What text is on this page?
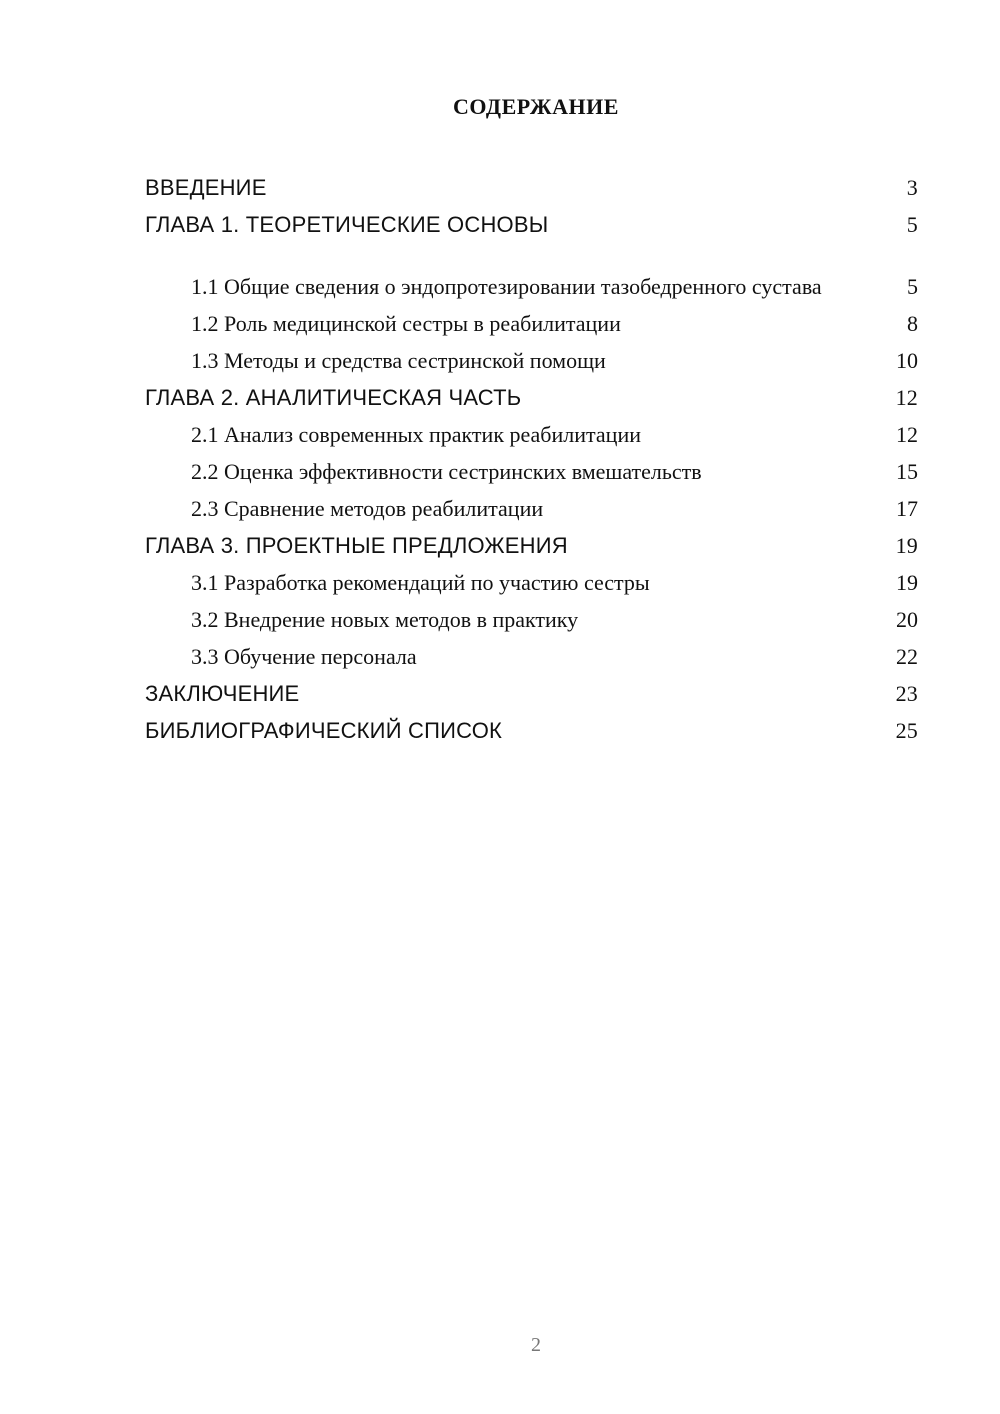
СОДЕРЖАНИЕ
ВВЕДЕНИЕ	3
ГЛАВА 1. ТЕОРЕТИЧЕСКИЕ ОСНОВЫ	5
1.1 Общие сведения о эндопротезировании тазобедренного сустава	5
1.2 Роль медицинской сестры в реабилитации	8
1.3 Методы и средства сестринской помощи	10
ГЛАВА 2. АНАЛИТИЧЕСКАЯ ЧАСТЬ	12
2.1 Анализ современных практик реабилитации	12
2.2 Оценка эффективности сестринских вмешательств	15
2.3 Сравнение методов реабилитации	17
ГЛАВА 3. ПРОЕКТНЫЕ ПРЕДЛОЖЕНИЯ	19
3.1 Разработка рекомендаций по участию сестры	19
3.2 Внедрение новых методов в практику	20
3.3 Обучение персонала	22
ЗАКЛЮЧЕНИЕ	23
БИБЛИОГРАФИЧЕСКИЙ СПИСОК	25
2
